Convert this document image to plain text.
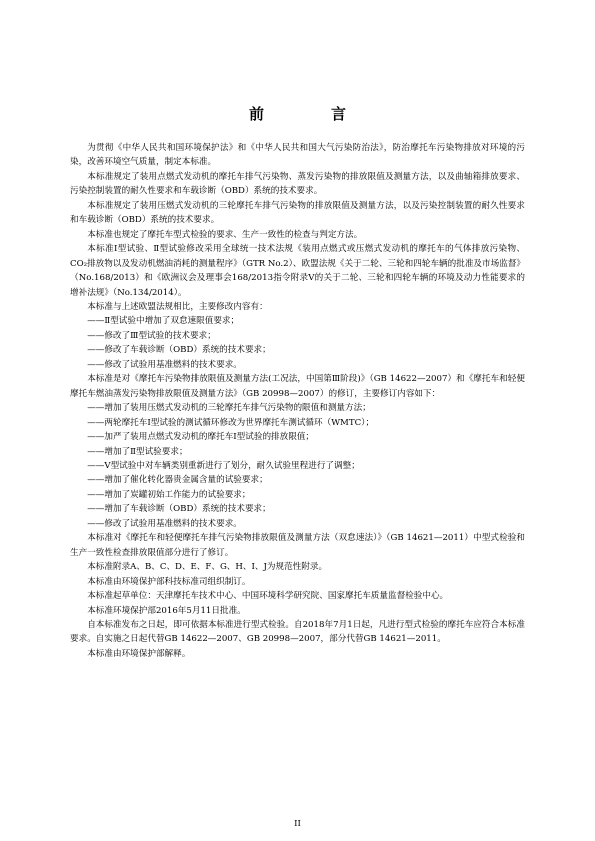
前　言

为贯彻《中华人民共和国环境保护法》和《中华人民共和国大气污染防治法》，防治摩托车污染物排放对环境的污染，改善环境空气质量，制定本标准。

本标准规定了装用点燃式发动机的摩托车排气污染物、蒸发污染物的排放限值及测量方法，以及曲轴箱排放要求、污染控制装置的耐久性要求和车载诊断（OBD）系统的技术要求。

本标准规定了装用压燃式发动机的三轮摩托车排气污染物的排放限值及测量方法，以及污染控制装置的耐久性要求和车载诊断（OBD）系统的技术要求。

本标准也规定了摩托车型式检验的要求、生产一致性的检查与判定方法。

本标准Ⅰ型试验、Ⅱ型试验修改采用全球统一技术法规《装用点燃式或压燃式发动机的摩托车的气体排放污染物、CO₂排放物以及发动机燃油消耗的测量程序》（GTR No.2）、欧盟法规《关于二轮、三轮和四轮车辆的批准及市场监督》（No.168/2013）和《欧洲议会及理事会168/2013指令附录Ⅴ的关于二轮、三轮和四轮车辆的环境及动力性能要求的增补法规》（No.134/2014）。

本标准与上述欧盟法规相比，主要修改内容有：

——Ⅱ型试验中增加了双怠速限值要求；

——修改了Ⅲ型试验的技术要求；

——修改了车载诊断（OBD）系统的技术要求；

——修改了试验用基准燃料的技术要求。

本标准是对《摩托车污染物排放限值及测量方法(工况法，中国第Ⅲ阶段)》（GB 14622—2007）和《摩托车和轻便摩托车燃油蒸发污染物排放限值及测量方法》（GB 20998—2007）的修订，主要修订内容如下：

——增加了装用压燃式发动机的三轮摩托车排气污染物的限值和测量方法；

——两轮摩托车Ⅰ型试验的测试循环修改为世界摩托车测试循环（WMTC）；

——加严了装用点燃式发动机的摩托车Ⅰ型试验的排放限值；

——增加了Ⅱ型试验要求；

——Ⅴ型试验中对车辆类别重新进行了划分，耐久试验里程进行了调整；

——增加了催化转化器贵金属含量的试验要求；

——增加了炭罐初始工作能力的试验要求；

——增加了车载诊断（OBD）系统的技术要求；

——修改了试验用基准燃料的技术要求。

本标准对《摩托车和轻便摩托车排气污染物排放限值及测量方法（双怠速法）》（GB 14621—2011）中型式检验和生产一致性检查排放限值部分进行了修订。

本标准附录A、B、C、D、E、F、G、H、I、J为规范性附录。

本标准由环境保护部科技标准司组织制订。

本标准起草单位：天津摩托车技术中心、中国环境科学研究院、国家摩托车质量监督检验中心。

本标准环境保护部2016年5月11日批准。

自本标准发布之日起，即可依据本标准进行型式检验。自2018年7月1日起，凡进行型式检验的摩托车应符合本标准要求。自实施之日起代替GB 14622—2007、GB 20998—2007，部分代替GB 14621—2011。

本标准由环境保护部解释。

II
